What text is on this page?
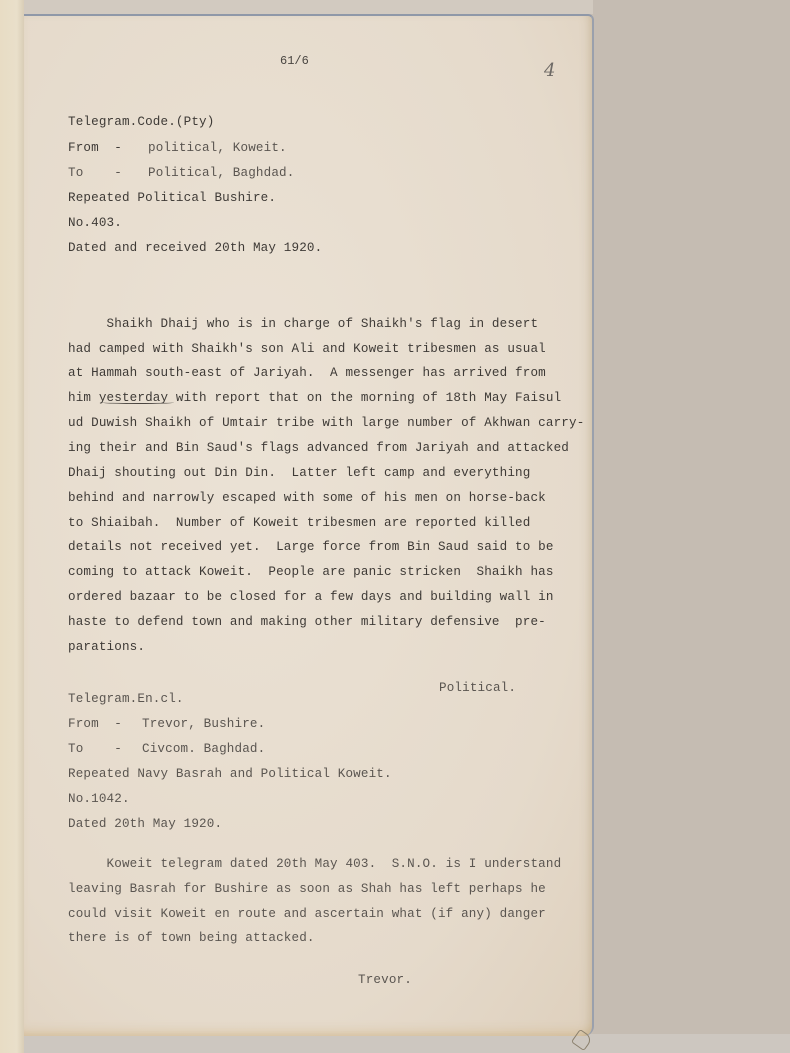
61/6	4
Telegram.Code.(Pty)
From  - political, Koweit.
To    - Political, Baghdad.
Repeated Political Bushire.
No.403.
Dated and received 20th May 1920.
Shaikh Dhaij who is in charge of Shaikh's flag in desert
had camped with Shaikh's son Ali and Koweit tribesmen as usual
at Hammah south-east of Jariyah.  A messenger has arrived from
him yesterday with report that on the morning of 18th May Faisul
ud Duwish Shaikh of Umtair tribe with large number of Akhwan carry-
ing their and Bin Saud's flags advanced from Jariyah and attacked
Dhaij shouting out Din Din.  Latter left camp and everything
behind and narrowly escaped with some of his men on horse-back
to Shiaibah.  Number of Koweit tribesmen are reported killed
details not received yet.  Large force from Bin Saud said to be
coming to attack Koweit.  People are panic stricken  Shaikh has
ordered bazaar to be closed for a few days and building wall in
haste to defend town and making other military defensive  pre-
parations.
Political.
Telegram.En.cl.
From  - Trevor, Bushire.
To    - Civcom. Baghdad.
Repeated Navy Basrah and Political Koweit.
No.1042.
Dated 20th May 1920.
Koweit telegram dated 20th May 403.  S.N.O. is I understand
leaving Basrah for Bushire as soon as Shah has left perhaps he
could visit Koweit en route and ascertain what (if any) danger
there is of town being attacked.
Trevor.
